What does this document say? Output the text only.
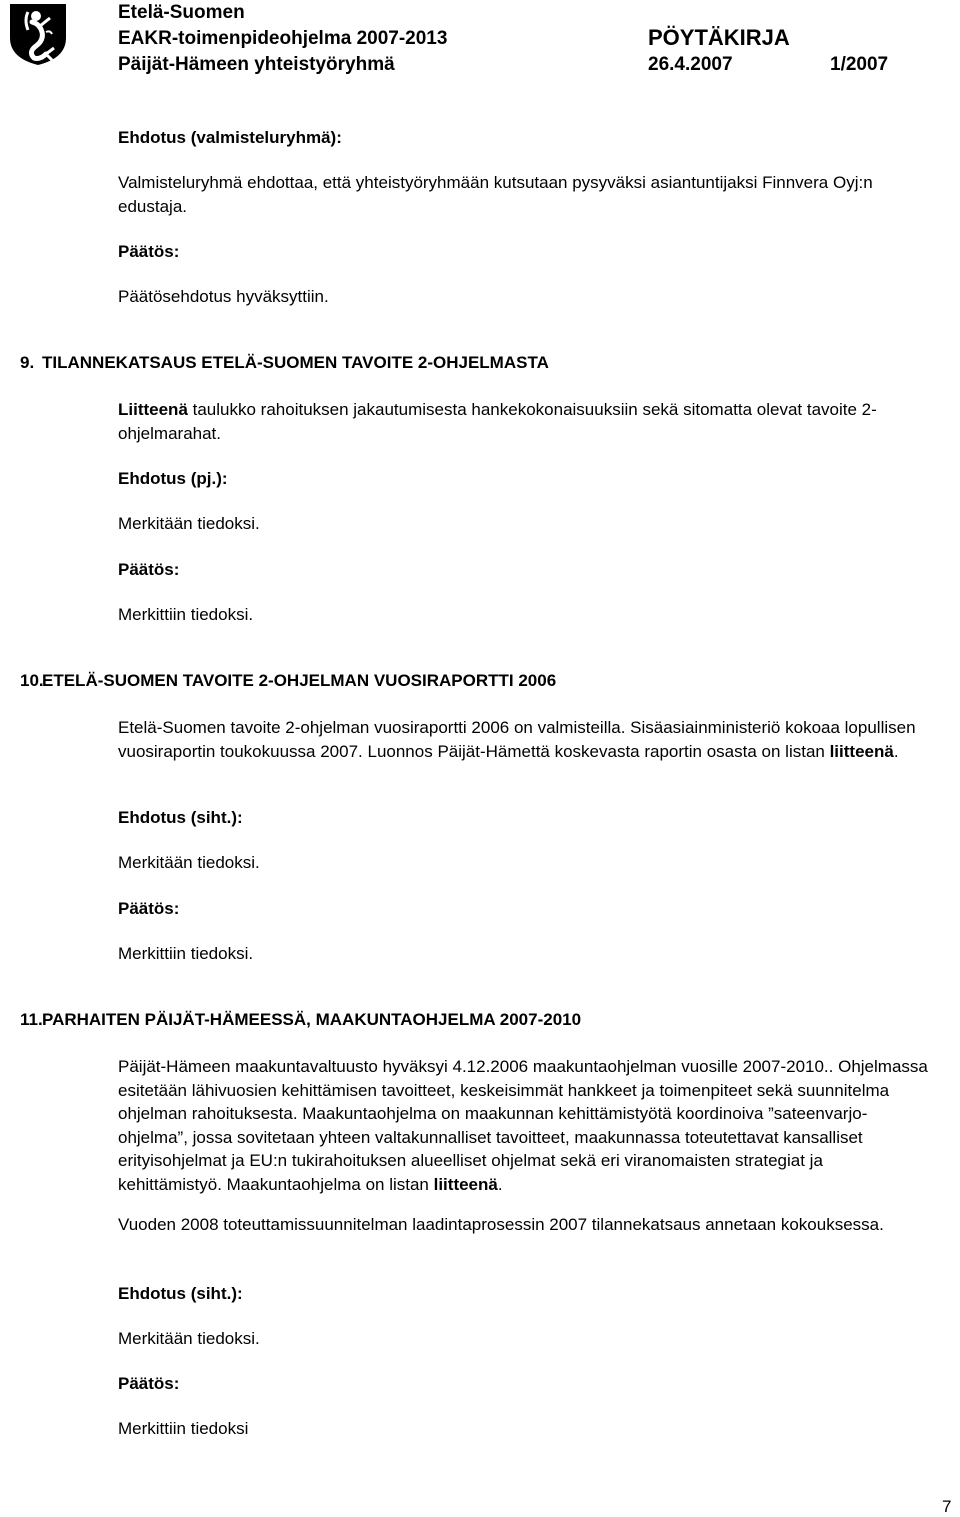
Etelä-Suomen
EAKR-toimenpideohjelma 2007-2013
Päijät-Hämeen yhteistyöryhmä
PÖYTÄKIRJA
26.4.2007	1/2007
Ehdotus (valmisteluryhmä):
Valmisteluryhmä ehdottaa, että yhteistyöryhmään kutsutaan pysyväksi asiantuntijaksi Finnvera Oyj:n edustaja.
Päätös:
Päätösehdotus hyväksyttiin.
9. TILANNEKATSAUS ETELÄ-SUOMEN TAVOITE 2-OHJELMASTA
Liitteenä taulukko rahoituksen jakautumisesta hankekokonaisuuksiin sekä sitomatta olevat tavoite 2-ohjelmarahat.
Ehdotus (pj.):
Merkitään tiedoksi.
Päätös:
Merkittiin tiedoksi.
10.
ETELÄ-SUOMEN TAVOITE 2-OHJELMAN VUOSIRAPORTTI 2006
Etelä-Suomen tavoite 2-ohjelman vuosiraportti 2006 on valmisteilla. Sisäasiainministeriö kokoaa lopullisen vuosiraportin toukokuussa 2007. Luonnos Päijät-Hämettä koskevasta raportin osasta on listan liitteenä.
Ehdotus (siht.):
Merkitään tiedoksi.
Päätös:
Merkittiin tiedoksi.
11. PARHAITEN PÄIJÄT-HÄMEESSÄ, MAAKUNTAOHJELMA 2007-2010
Päijät-Hämeen maakuntavaltuusto hyväksyi 4.12.2006 maakuntaohjelman vuosille 2007-2010.. Ohjelmassa esitetään lähivuosien kehittämisen tavoitteet, keskeisimmät hankkeet ja toimenpiteet sekä suunnitelma ohjelman rahoituksesta. Maakuntaohjelma on maakunnan kehittämistyötä koordinoiva ”sateenvarjo-ohjelma”, jossa sovitetaan yhteen valtakunnalliset tavoitteet, maakunnassa toteutettavat kansalliset erityisohjelmat ja EU:n tukirahoituksen alueelliset ohjelmat sekä eri viranomaisten strategiat ja kehittämistyö. Maakuntaohjelma on listan liitteenä.
Vuoden 2008 toteuttamissuunnitelman laadintaprosessin 2007 tilannekatsaus annetaan kokouksessa.
Ehdotus (siht.):
Merkitään tiedoksi.
Päätös:
Merkittiin tiedoksi
7
